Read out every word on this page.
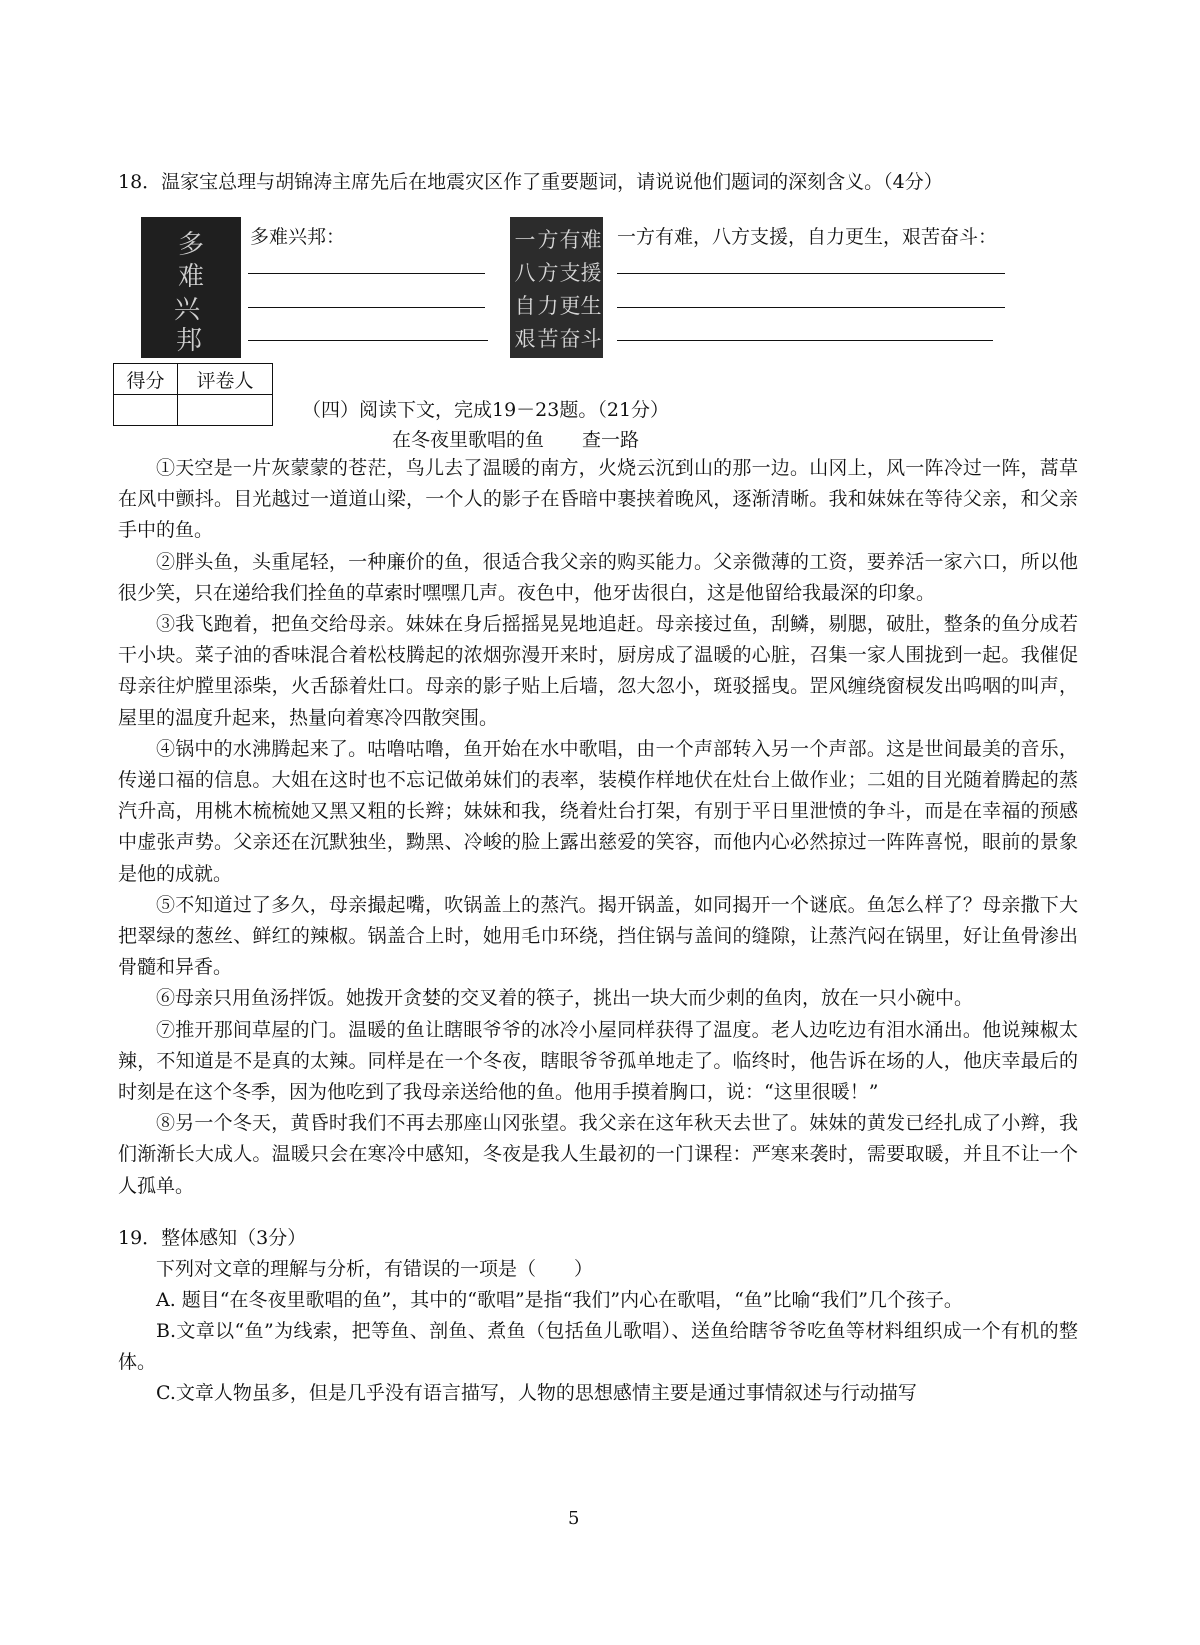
18．温家宝总理与胡锦涛主席先后在地震灾区作了重要题词，请说说他们题词的深刻含义。（4分）
多
难
兴
邦
多难兴邦：	一 方 有 难
八 方 支 援
自 力 更 生
艰 苦 奋 斗
一方有难，八方支援，自力更生，艰苦奋斗：
得分	评卷人

（四）阅读下文，完成19－23题。（21分）
在冬夜里歌唱的鱼　　查一路

①天空是一片灰蒙蒙的苍茫，鸟儿去了温暖的南方，火烧云沉到山的那一边。山冈上，风一阵冷过一阵，蒿草在风中颤抖。目光越过一道道山梁，一个人的影子在昏暗中裹挟着晚风，逐渐清晰。我和妹妹在等待父亲，和父亲手中的鱼。

②胖头鱼，头重尾轻，一种廉价的鱼，很适合我父亲的购买能力。父亲微薄的工资，要养活一家六口，所以他很少笑，只在递给我们拴鱼的草索时嘿嘿几声。夜色中，他牙齿很白，这是他留给我最深的印象。

③我飞跑着，把鱼交给母亲。妹妹在身后摇摇晃晃地追赶。母亲接过鱼，刮鳞，剔腮，破肚，整条的鱼分成若干小块。菜子油的香味混合着松枝腾起的浓烟弥漫开来时，厨房成了温暖的心脏，召集一家人围拢到一起。我催促母亲往炉膛里添柴，火舌舔着灶口。母亲的影子贴上后墙，忽大忽小，斑驳摇曳。罡风缠绕窗棂发出呜咽的叫声，屋里的温度升起来，热量向着寒冷四散突围。

④锅中的水沸腾起来了。咕噜咕噜，鱼开始在水中歌唱，由一个声部转入另一个声部。这是世间最美的音乐，传递口福的信息。大姐在这时也不忘记做弟妹们的表率，装模作样地伏在灶台上做作业；二姐的目光随着腾起的蒸汽升高，用桃木梳梳她又黑又粗的长辫；妹妹和我，绕着灶台打架，有别于平日里泄愤的争斗，而是在幸福的预感中虚张声势。父亲还在沉默独坐，黝黑、冷峻的脸上露出慈爱的笑容，而他内心必然掠过一阵阵喜悦，眼前的景象是他的成就。

⑤不知道过了多久，母亲撮起嘴，吹锅盖上的蒸汽。揭开锅盖，如同揭开一个谜底。鱼怎么样了？母亲撒下大把翠绿的葱丝、鲜红的辣椒。锅盖合上时，她用毛巾环绕，挡住锅与盖间的缝隙，让蒸汽闷在锅里，好让鱼骨渗出骨髓和异香。

⑥母亲只用鱼汤拌饭。她拨开贪婪的交叉着的筷子，挑出一块大而少刺的鱼肉，放在一只小碗中。

⑦推开那间草屋的门。温暖的鱼让瞎眼爷爷的冰冷小屋同样获得了温度。老人边吃边有泪水涌出。他说辣椒太辣，不知道是不是真的太辣。同样是在一个冬夜，瞎眼爷爷孤单地走了。临终时，他告诉在场的人，他庆幸最后的时刻是在这个冬季，因为他吃到了我母亲送给他的鱼。他用手摸着胸口，说：“这里很暖！”

⑧另一个冬天，黄昏时我们不再去那座山冈张望。我父亲在这年秋天去世了。妹妹的黄发已经扎成了小辫，我们渐渐长大成人。温暖只会在寒冷中感知，冬夜是我人生最初的一门课程：严寒来袭时，需要取暖，并且不让一个人孤单。

19．整体感知（3分）

下列对文章的理解与分析，有错误的一项是（　　）

A. 题目“在冬夜里歌唱的鱼”，其中的“歌唱”是指“我们”内心在歌唱，“鱼”比喻“我们”几个孩子。

B.文章以“鱼”为线索，把等鱼、剖鱼、煮鱼（包括鱼儿歌唱）、送鱼给瞎爷爷吃鱼等材料组织成一个有机的整体。

C.文章人物虽多，但是几乎没有语言描写，人物的思想感情主要是通过事情叙述与行动描写

5
